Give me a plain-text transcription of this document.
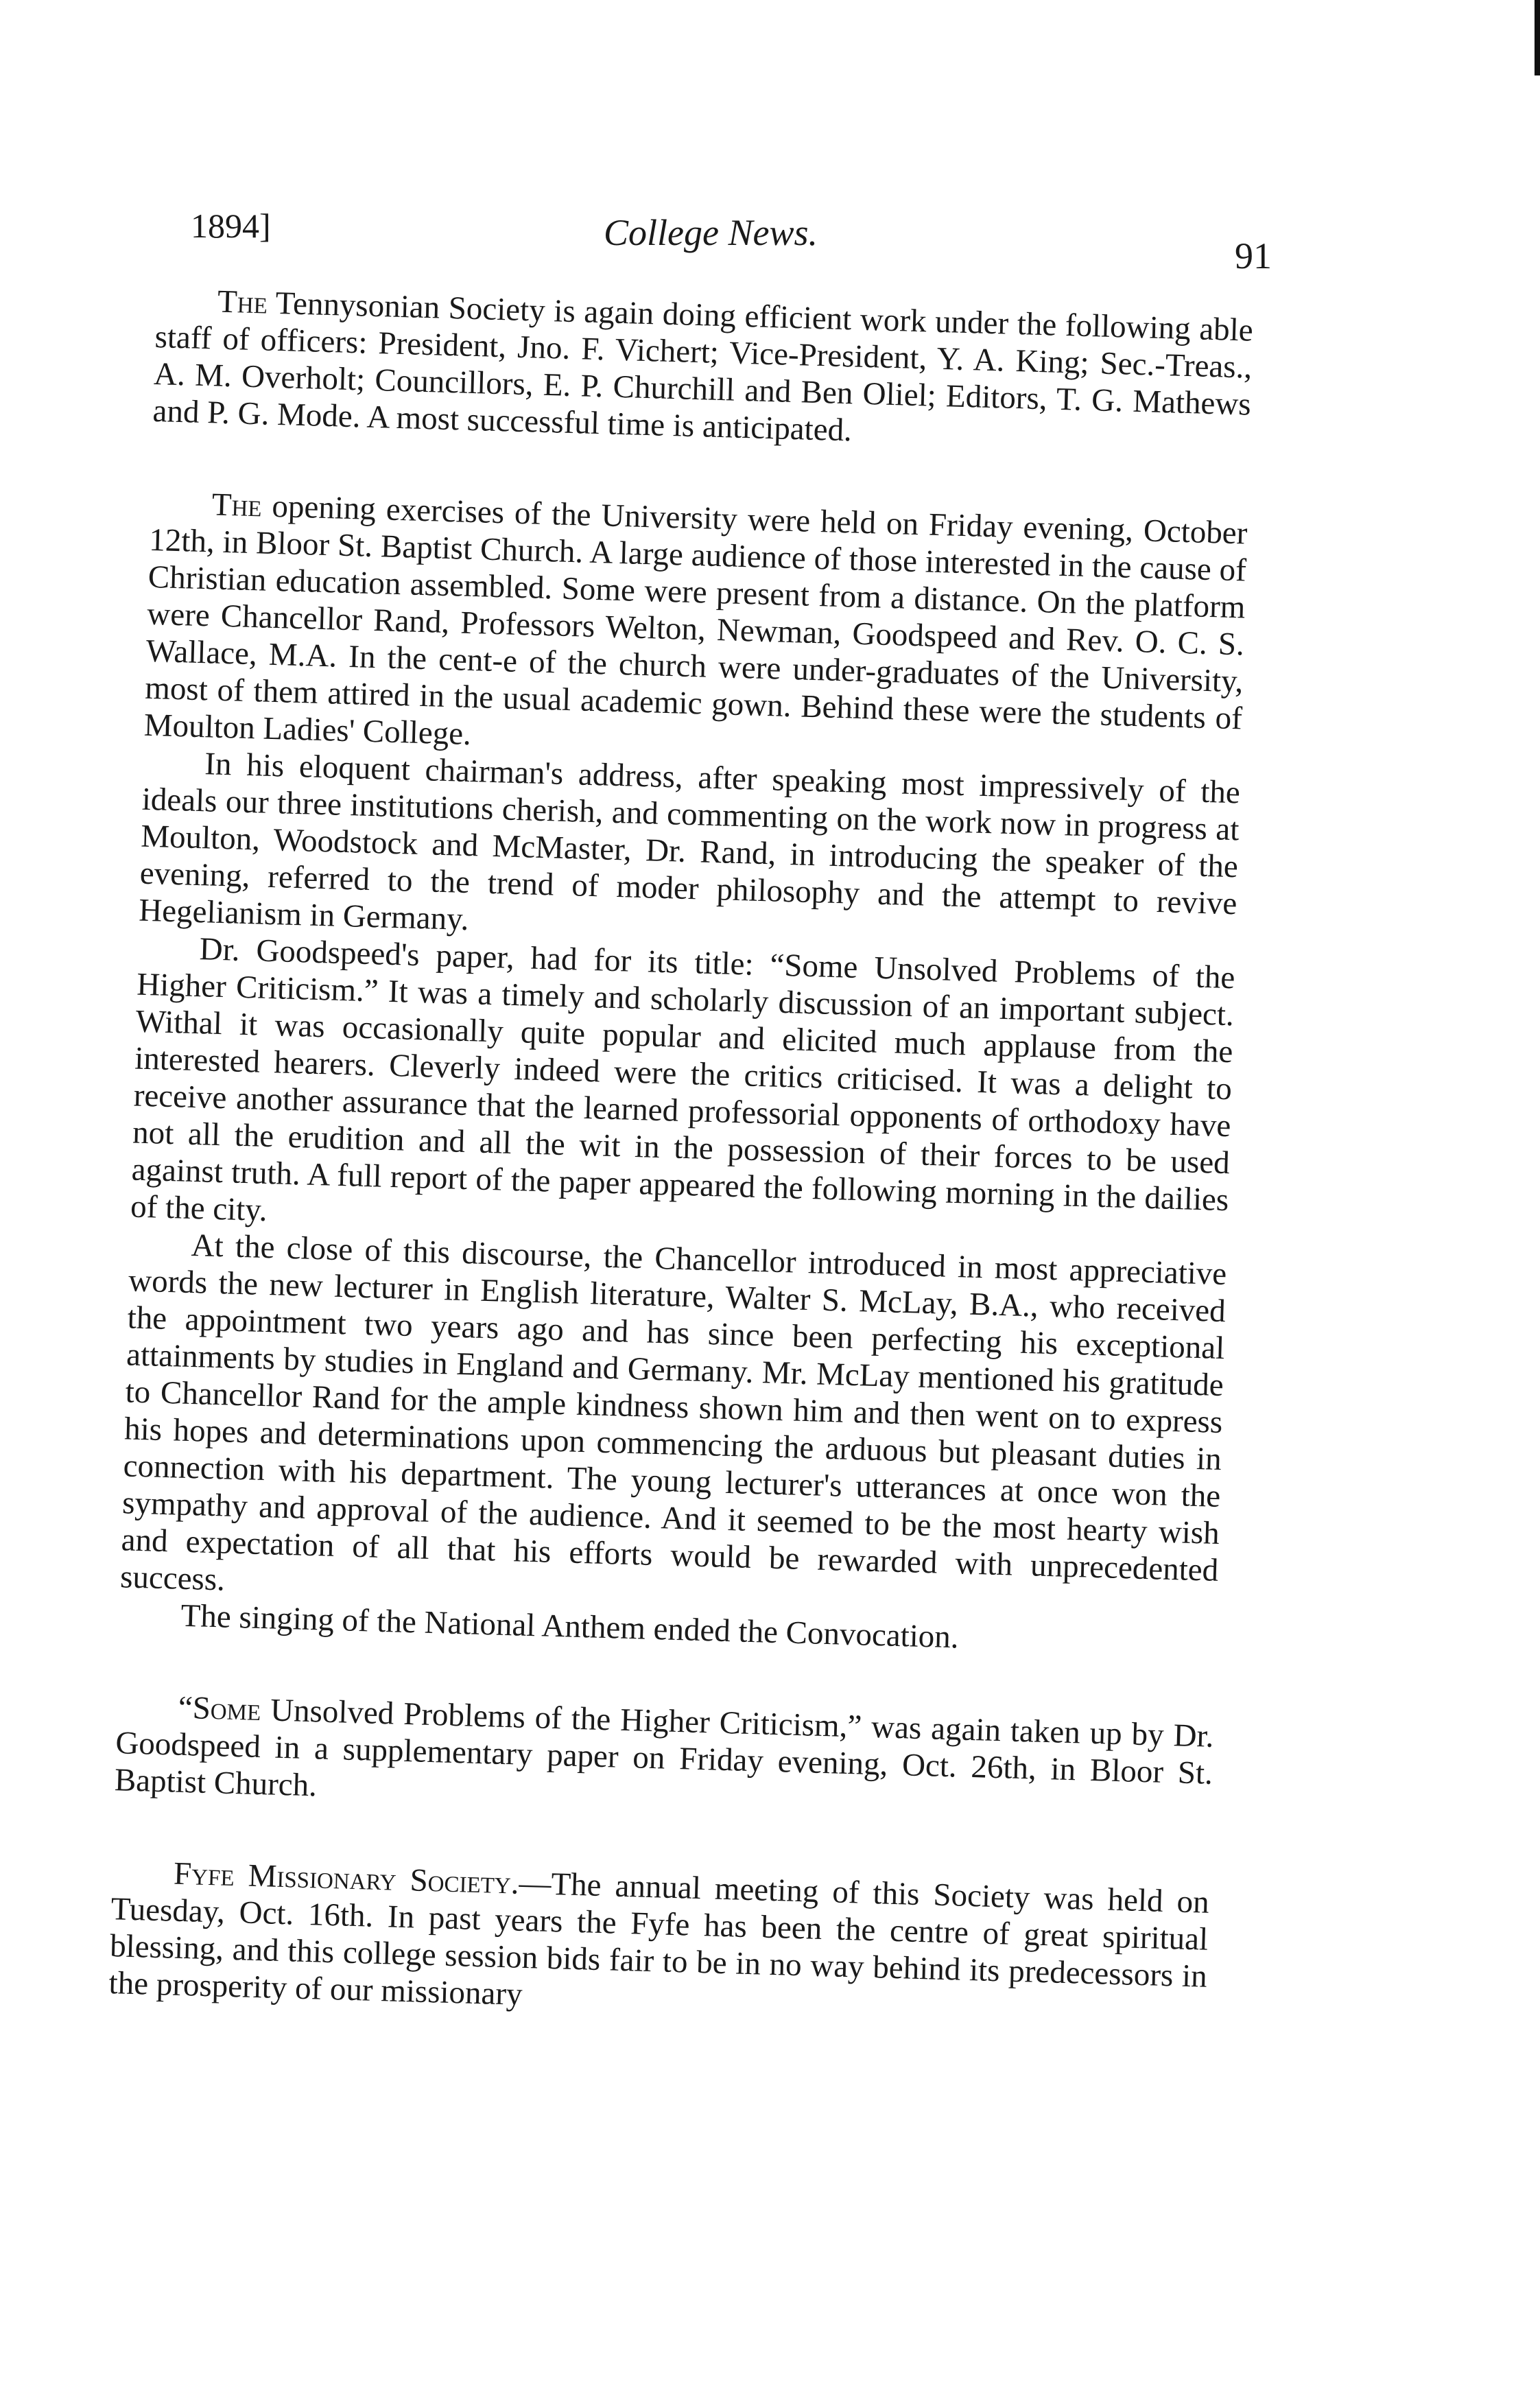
1894]	College News.
91

The Tennysonian Society is again doing efficient work under the following able staff of officers: President, Jno. F. Vichert; Vice-President, Y. A. King; Sec.-Treas., A. M. Overholt; Councillors, E. P. Churchill and Ben Oliel; Editors, T. G. Mathews and P. G. Mode. A most successful time is anticipated.

The opening exercises of the University were held on Friday evening, October 12th, in Bloor St. Baptist Church. A large audience of those interested in the cause of Christian education assembled. Some were present from a distance. On the platform were Chancellor Rand, Professors Welton, Newman, Goodspeed and Rev. O. C. S. Wallace, M.A. In the cent-e of the church were under-graduates of the University, most of them attired in the usual academic gown. Behind these were the students of Moulton Ladies' College.

In his eloquent chairman's address, after speaking most impressively of the ideals our three institutions cherish, and commenting on the work now in progress at Moulton, Woodstock and McMaster, Dr. Rand, in introducing the speaker of the evening, referred to the trend of moder philosophy and the attempt to revive Hegelianism in Germany.

Dr. Goodspeed's paper, had for its title: “Some Unsolved Problems of the Higher Criticism.” It was a timely and scholarly discussion of an important subject. Withal it was occasionally quite popular and elicited much applause from the interested hearers. Cleverly indeed were the critics criticised. It was a delight to receive another assurance that the learned professorial opponents of orthodoxy have not all the erudition and all the wit in the possession of their forces to be used against truth. A full report of the paper appeared the following morning in the dailies of the city.

At the close of this discourse, the Chancellor introduced in most appreciative words the new lecturer in English literature, Walter S. McLay, B.A., who received the appointment two years ago and has since been perfecting his exceptional attainments by studies in England and Germany. Mr. McLay mentioned his gratitude to Chancellor Rand for the ample kindness shown him and then went on to express his hopes and determinations upon commencing the arduous but pleasant duties in connection with his department. The young lecturer's utterances at once won the sympathy and approval of the audience. And it seemed to be the most hearty wish and expectation of all that his efforts would be rewarded with unprecedented success.

The singing of the National Anthem ended the Convocation.

“Some Unsolved Problems of the Higher Criticism,” was again taken up by Dr. Goodspeed in a supplementary paper on Friday evening, Oct. 26th, in Bloor St. Baptist Church.

Fyfe Missionary Society.—The annual meeting of this Society was held on Tuesday, Oct. 16th. In past years the Fyfe has been the centre of great spiritual blessing, and this college session bids fair to be in no way behind its predecessors in the prosperity of our missionary
